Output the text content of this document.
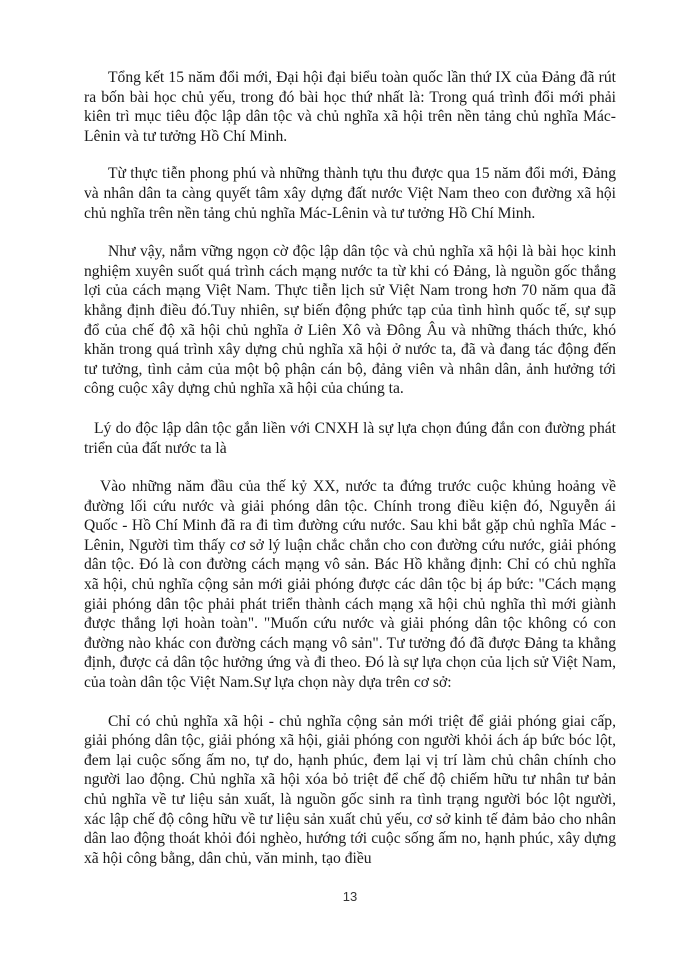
Tổng kết 15 năm đổi mới, Đại hội đại biểu toàn quốc lần thứ IX của Đảng đã rút ra bốn bài học chủ yếu, trong đó bài học thứ nhất là: Trong quá trình đổi mới phải kiên trì mục tiêu độc lập dân tộc và chủ nghĩa xã hội trên nền tảng chủ nghĩa Mác-Lênin và tư tưởng Hồ Chí Minh.

Từ thực tiễn phong phú và những thành tựu thu được qua 15 năm đổi mới, Đảng và nhân dân ta càng quyết tâm xây dựng đất nước Việt Nam theo con đường xã hội chủ nghĩa trên nền tảng chủ nghĩa Mác-Lênin và tư tưởng Hồ Chí Minh.

Như vậy, nắm vững ngọn cờ độc lập dân tộc và chủ nghĩa xã hội là bài học kinh nghiệm xuyên suốt quá trình cách mạng nước ta từ khi có Đảng, là nguồn gốc thắng lợi của cách mạng Việt Nam. Thực tiễn lịch sử Việt Nam trong hơn 70 năm qua đã khẳng định điều đó.Tuy nhiên, sự biến động phức tạp của tình hình quốc tế, sự sụp đổ của chế độ xã hội chủ nghĩa ở Liên Xô và Đông Âu và những thách thức, khó khăn trong quá trình xây dựng chủ nghĩa xã hội ở nước ta, đã và đang tác động đến tư tưởng, tình cảm của một bộ phận cán bộ, đảng viên và nhân dân, ảnh hưởng tới công cuộc xây dựng chủ nghĩa xã hội của chúng ta.

Lý do độc lập dân tộc gắn liền với CNXH là sự lựa chọn đúng đắn con đường phát triển của đất nước ta là

Vào những năm đầu của thế kỷ XX, nước ta đứng trước cuộc khủng hoảng về đường lối cứu nước và giải phóng dân tộc. Chính trong điều kiện đó, Nguyễn ái Quốc - Hồ Chí Minh đã ra đi tìm đường cứu nước. Sau khi bắt gặp chủ nghĩa Mác - Lênin, Người tìm thấy cơ sở lý luận chắc chắn cho con đường cứu nước, giải phóng dân tộc. Đó là con đường cách mạng vô sản. Bác Hồ khẳng định: Chỉ có chủ nghĩa xã hội, chủ nghĩa cộng sản mới giải phóng được các dân tộc bị áp bức: "Cách mạng giải phóng dân tộc phải phát triển thành cách mạng xã hội chủ nghĩa thì mới giành được thắng lợi hoàn toàn". "Muốn cứu nước và giải phóng dân tộc không có con đường nào khác con đường cách mạng vô sản". Tư tưởng đó đã được Đảng ta khẳng định, được cả dân tộc hưởng ứng và đi theo. Đó là sự lựa chọn của lịch sử Việt Nam, của toàn dân tộc Việt Nam.Sự lựa chọn này dựa trên cơ sở:

Chỉ có chủ nghĩa xã hội - chủ nghĩa cộng sản mới triệt để giải phóng giai cấp, giải phóng dân tộc, giải phóng xã hội, giải phóng con người khỏi ách áp bức bóc lột, đem lại cuộc sống ấm no, tự do, hạnh phúc, đem lại vị trí làm chủ chân chính cho người lao động. Chủ nghĩa xã hội xóa bỏ triệt để chế độ chiếm hữu tư nhân tư bản chủ nghĩa về tư liệu sản xuất, là nguồn gốc sinh ra tình trạng người bóc lột người, xác lập chế độ công hữu về tư liệu sản xuất chủ yếu, cơ sở kinh tế đảm bảo cho nhân dân lao động thoát khỏi đói nghèo, hướng tới cuộc sống ấm no, hạnh phúc, xây dựng xã hội công bằng, dân chủ, văn minh, tạo điều

13
